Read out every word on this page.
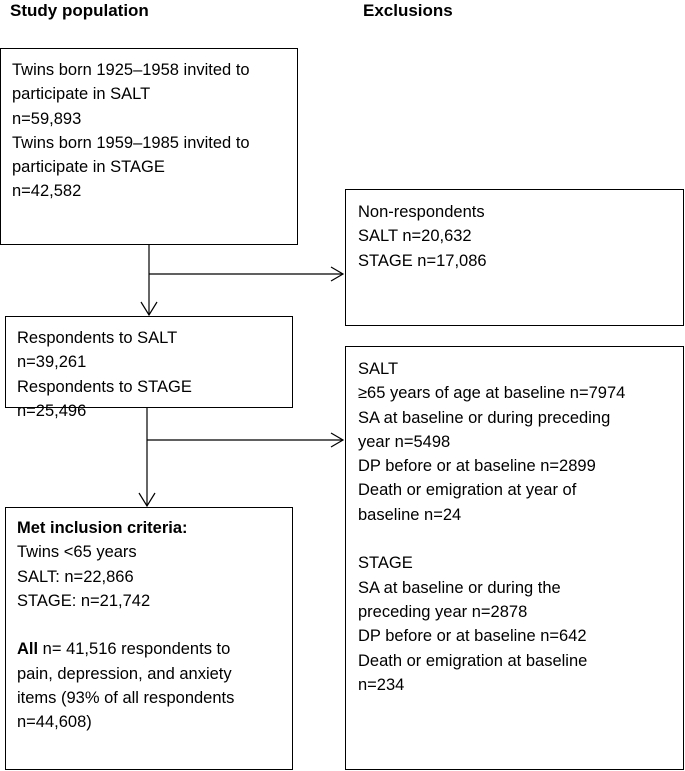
Study population	Exclusions
Twins born 1925–1958 invited to
participate in SALT
n=59,893
Twins born 1959–1985 invited to
participate in STAGE
n=42,582
Non-respondents
SALT n=20,632
STAGE n=17,086
Respondents to SALT
n=39,261
Respondents to STAGE
n=25,496
SALT
≥65 years of age at baseline n=7974
SA at baseline or during preceding
year n=5498
DP before or at baseline n=2899
Death or emigration at year of
baseline n=24
STAGE
SA at baseline or during the
preceding year n=2878
DP before or at baseline n=642
Death or emigration at baseline
n=234
Met inclusion criteria:
Twins <65 years
SALT: n=22,866
STAGE: n=21,742
All n= 41,516 respondents to
pain, depression, and anxiety
items (93% of all respondents
n=44,608)
